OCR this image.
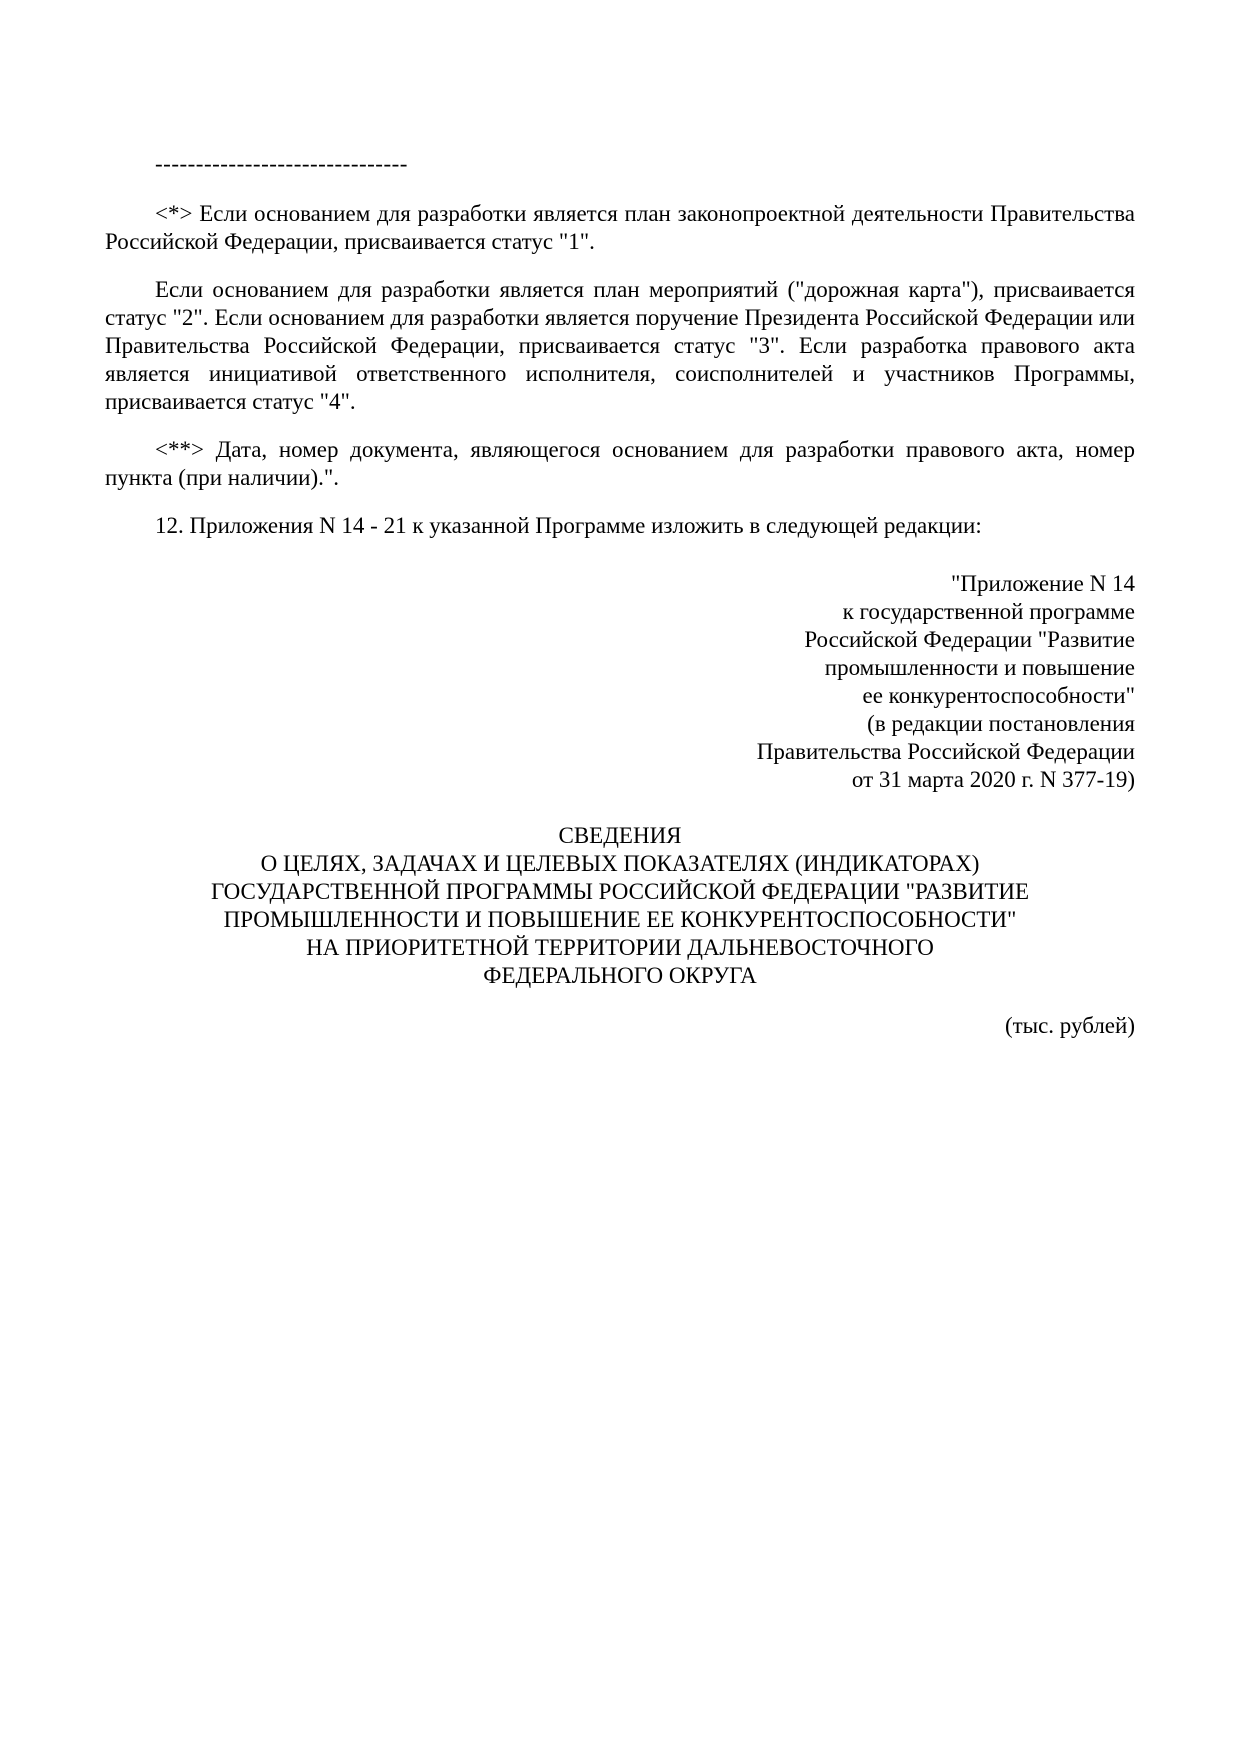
-------------------------------

<*> Если основанием для разработки является план законопроектной деятельности Правительства Российской Федерации, присваивается статус "1".

Если основанием для разработки является план мероприятий ("дорожная карта"), присваивается статус "2". Если основанием для разработки является поручение Президента Российской Федерации или Правительства Российской Федерации, присваивается статус "3". Если разработка правового акта является инициативой ответственного исполнителя, соисполнителей и участников Программы, присваивается статус "4".

<**> Дата, номер документа, являющегося основанием для разработки правового акта, номер пункта (при наличии).".

12. Приложения N 14 - 21 к указанной Программе изложить в следующей редакции:

"Приложение N 14
к государственной программе
Российской Федерации "Развитие
промышленности и повышение
ее конкурентоспособности"
(в редакции постановления
Правительства Российской Федерации
от 31 марта 2020 г. N 377-19)
СВЕДЕНИЯ
О ЦЕЛЯХ, ЗАДАЧАХ И ЦЕЛЕВЫХ ПОКАЗАТЕЛЯХ (ИНДИКАТОРАХ)
ГОСУДАРСТВЕННОЙ ПРОГРАММЫ РОССИЙСКОЙ ФЕДЕРАЦИИ "РАЗВИТИЕ
ПРОМЫШЛЕННОСТИ И ПОВЫШЕНИЕ ЕЕ КОНКУРЕНТОСПОСОБНОСТИ"
НА ПРИОРИТЕТНОЙ ТЕРРИТОРИИ ДАЛЬНЕВОСТОЧНОГО
ФЕДЕРАЛЬНОГО ОКРУГА
(тыс. рублей)
